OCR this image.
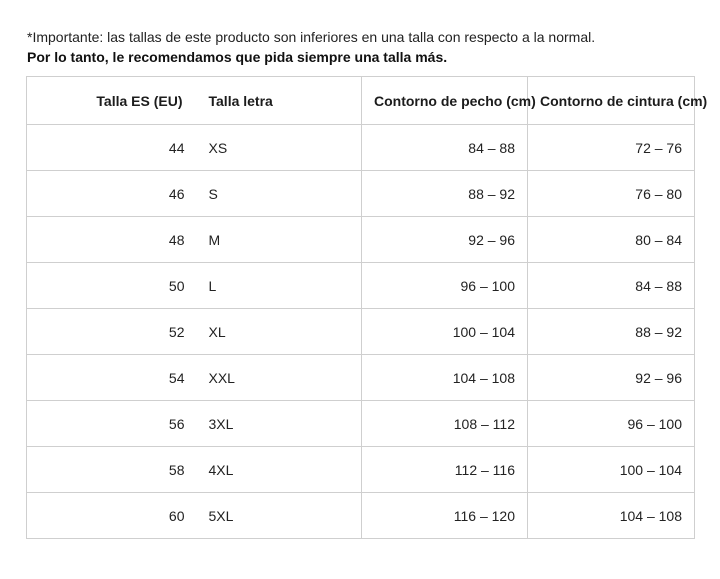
*Importante: las tallas de este producto son inferiores en una talla con respecto a la normal.
Por lo tanto, le recomendamos que pida siempre una talla más.
Talla ES (EU)	Talla letra	Contorno de pecho (cm)	Contorno de cintura (cm)
44	XS	84 – 88	72 – 76
46	S	88 – 92	76 – 80
48	M	92 – 96	80 – 84
50	L	96 – 100	84 – 88
52	XL	100 – 104	88 – 92
54	XXL	104 – 108	92 – 96
56	3XL	108 – 112	96 – 100
58	4XL	112 – 116	100 – 104
60	5XL	116 – 120	104 – 108
